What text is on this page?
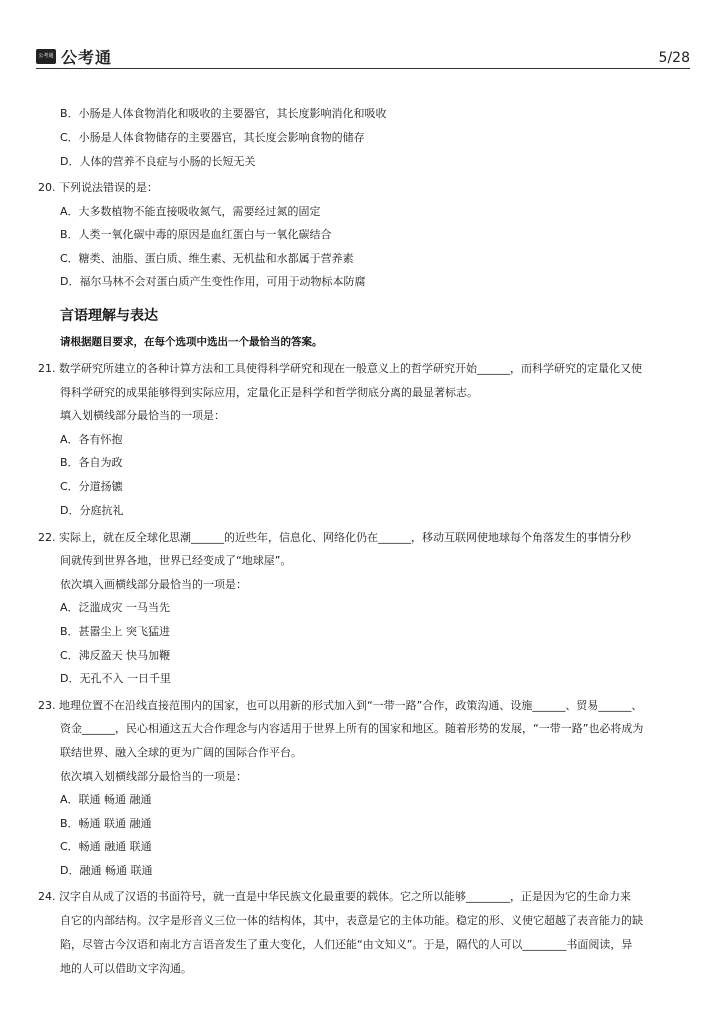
公考通 公考通	5/28
B．小肠是人体食物消化和吸收的主要器官，其长度影响消化和吸收
C．小肠是人体食物储存的主要器官，其长度会影响食物的储存
D．人体的营养不良症与小肠的长短无关
20. 下列说法错误的是：
A．大多数植物不能直接吸收氮气，需要经过氮的固定
B．人类一氧化碳中毒的原因是血红蛋白与一氧化碳结合
C．糖类、油脂、蛋白质、维生素、无机盐和水都属于营养素
D．福尔马林不会对蛋白质产生变性作用，可用于动物标本防腐
言语理解与表达
请根据题目要求，在每个选项中选出一个最恰当的答案。
21. 数学研究所建立的各种计算方法和工具使得科学研究和现在一般意义上的哲学研究开始______，而科学研究的定量化又使
得科学研究的成果能够得到实际应用，定量化正是科学和哲学彻底分离的最显著标志。
填入划横线部分最恰当的一项是：
A．各有怀抱
B．各自为政
C．分道扬镳
D．分庭抗礼
22. 实际上，就在反全球化思潮______的近些年，信息化、网络化仍在______，移动互联网使地球每个角落发生的事情分秒
间就传到世界各地，世界已经变成了“地球屋”。
依次填入画横线部分最恰当的一项是：
A．泛滥成灾 一马当先
B．甚嚣尘上 突飞猛进
C．沸反盈天 快马加鞭
D．无孔不入 一日千里
23. 地理位置不在沿线直接范围内的国家，也可以用新的形式加入到“一带一路”合作，政策沟通、设施______、贸易______、
资金______，民心相通这五大合作理念与内容适用于世界上所有的国家和地区。随着形势的发展，“一带一路”也必将成为
联结世界、融入全球的更为广阔的国际合作平台。
依次填入划横线部分最恰当的一项是：
A．联通 畅通 融通
B．畅通 联通 融通
C．畅通 融通 联通
D．融通 畅通 联通
24. 汉字自从成了汉语的书面符号，就一直是中华民族文化最重要的载体。它之所以能够________，正是因为它的生命力来
自它的内部结构。汉字是形音义三位一体的结构体，其中，表意是它的主体功能。稳定的形、义使它超越了表音能力的缺
陷，尽管古今汉语和南北方言语音发生了重大变化，人们还能“由文知义”。于是，隔代的人可以________书面阅读，异
地的人可以借助文字沟通。
